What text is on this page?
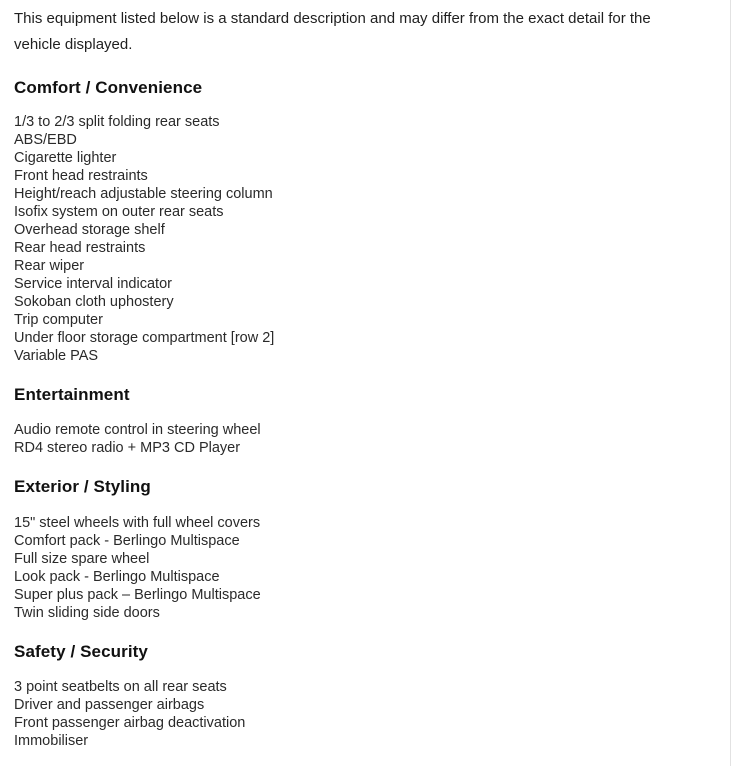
This equipment listed below is a standard description and may differ from the exact detail for the vehicle displayed.

Comfort / Convenience
1/3 to 2/3 split folding rear seats
ABS/EBD
Cigarette lighter
Front head restraints
Height/reach adjustable steering column
Isofix system on outer rear seats
Overhead storage shelf
Rear head restraints
Rear wiper
Service interval indicator
Sokoban cloth uphostery
Trip computer
Under floor storage compartment [row 2]
Variable PAS
Entertainment
Audio remote control in steering wheel
RD4 stereo radio + MP3 CD Player
Exterior / Styling
15" steel wheels with full wheel covers
Comfort pack - Berlingo Multispace
Full size spare wheel
Look pack - Berlingo Multispace
Super plus pack – Berlingo Multispace
Twin sliding side doors
Safety / Security
3 point seatbelts on all rear seats
Driver and passenger airbags
Front passenger airbag deactivation
Immobiliser
